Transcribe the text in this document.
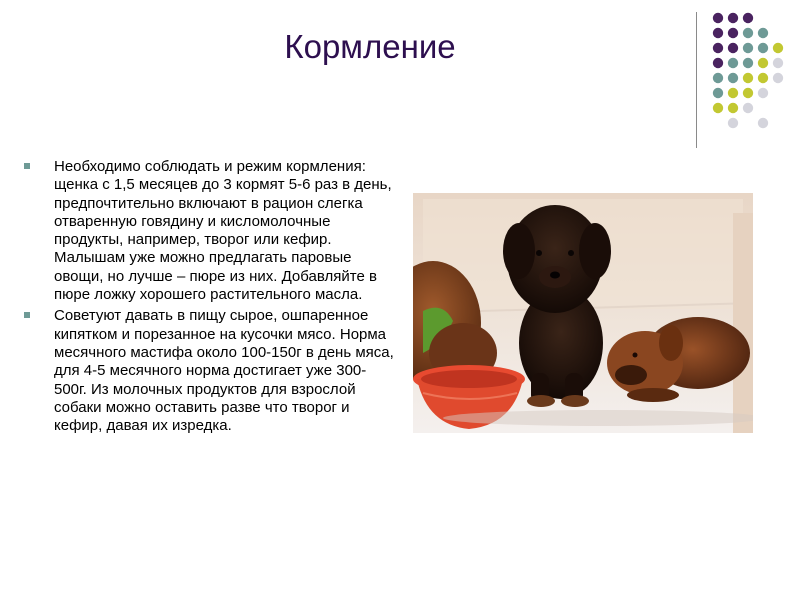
Кормление

Необходимо соблюдать и режим кормления: щенка с 1,5 месяцев до 3 кормят 5-6 раз в день, предпочтительно включают в рацион слегка отваренную говядину и кисломолочные продукты, например, творог или кефир. Малышам уже можно предлагать паровые овощи, но лучше – пюре из них. Добавляйте в пюре ложку хорошего растительного масла.

Советуют давать в пищу сырое, ошпаренное кипятком и порезанное на кусочки мясо. Норма месячного мастифа около 100-150г в день мяса, для 4-5 месячного норма достигает уже 300-500г. Из молочных продуктов для взрослой собаки можно оставить разве что творог и кефир, давая их изредка.
